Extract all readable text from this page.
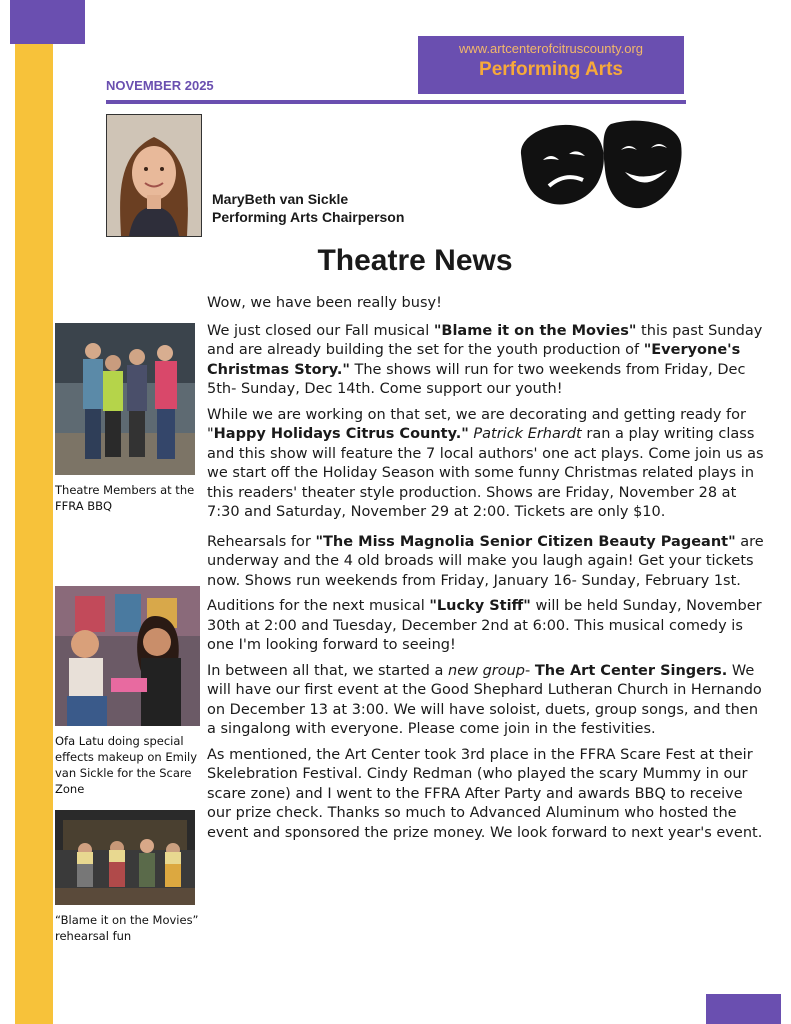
www.artcenterofcitruscounty.org
Performing Arts
NOVEMBER 2025
MaryBeth van Sickle
Performing Arts Chairperson
Theatre News
Theatre Members at the FFRA BBQ
Ofa Latu doing special effects makeup on Emily van Sickle for the Scare Zone
“Blame it on the Movies” rehearsal fun

Wow, we have been really busy!

We just closed our Fall musical "Blame it on the Movies" this past Sunday and are already building the set for the youth production of "Everyone's Christmas Story." The shows will run for two weekends from Friday, Dec 5th- Sunday, Dec 14th. Come support our youth!

While we are working on that set, we are decorating and getting ready for "Happy Holidays Citrus County." Patrick Erhardt ran a play writing class and this show will feature the 7 local authors' one act plays. Come join us as we start off the Holiday Season with some funny Christmas related plays in this readers' theater style production. Shows are Friday, November 28 at 7:30 and Saturday, November 29 at 2:00. Tickets are only $10.

Rehearsals for "The Miss Magnolia Senior Citizen Beauty Pageant" are underway and the 4 old broads will make you laugh again! Get your tickets now. Shows run weekends from Friday, January 16- Sunday, February 1st.

Auditions for the next musical "Lucky Stiff" will be held Sunday, November 30th at 2:00 and Tuesday, December 2nd at 6:00. This musical comedy is one I'm looking forward to seeing!

In between all that, we started a new group- The Art Center Singers. We will have our first event at the Good Shephard Lutheran Church in Hernando on December 13 at 3:00. We will have soloist, duets, group songs, and then a singalong with everyone. Please come join in the festivities.

As mentioned, the Art Center took 3rd place in the FFRA Scare Fest at their Skelebration Festival. Cindy Redman (who played the scary Mummy in our scare zone) and I went to the FFRA After Party and awards BBQ to receive our prize check. Thanks so much to Advanced Aluminum who hosted the event and sponsored the prize money. We look forward to next year's event.
